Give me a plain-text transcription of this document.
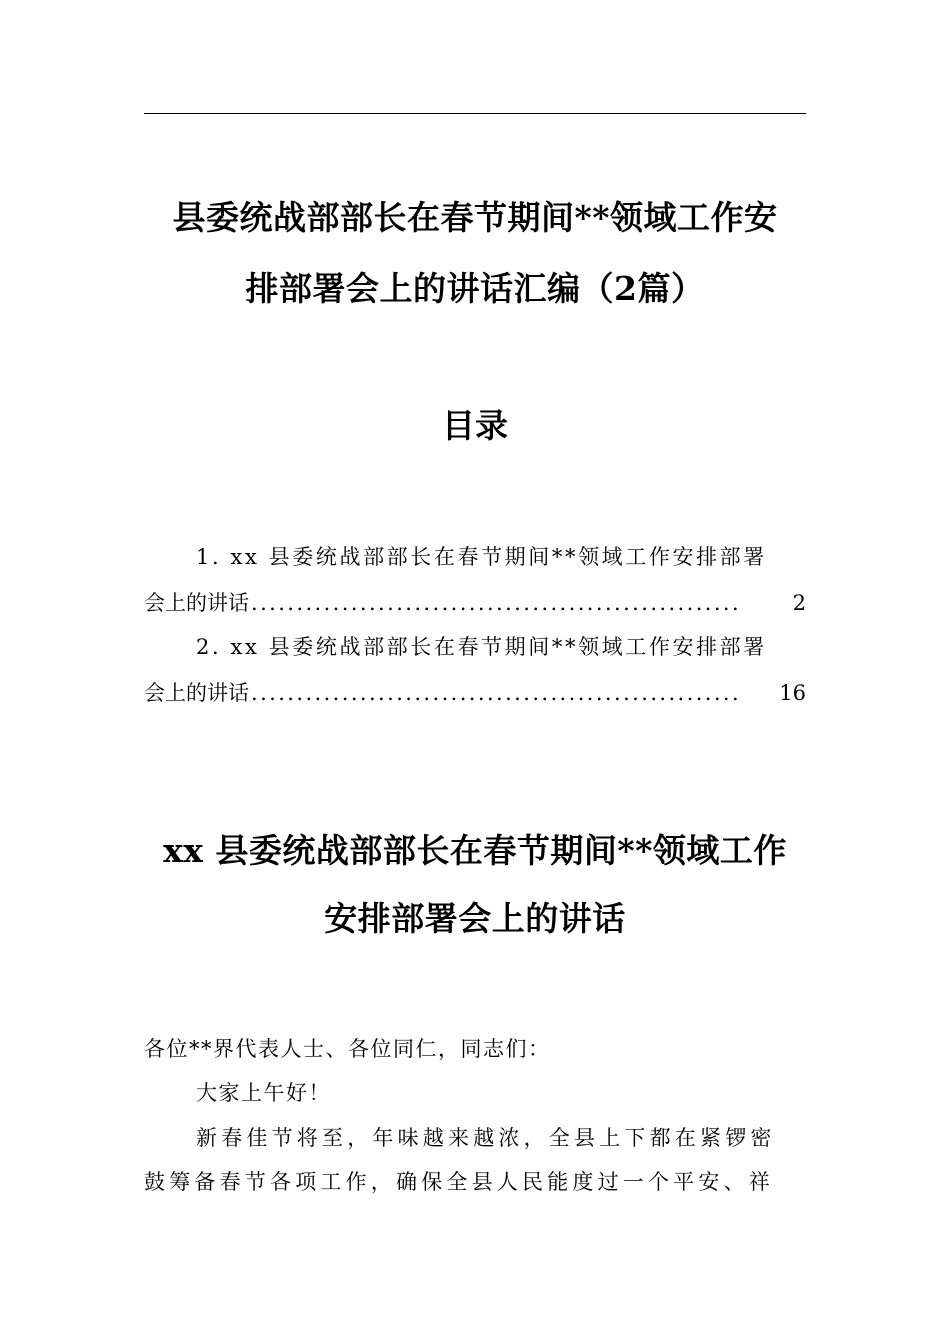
县委统战部部长在春节期间**领域工作安
排部署会上的讲话汇编（2篇）
目录
1. xx 县委统战部部长在春节期间**领域工作安排部署
会上的讲话 ......................................................	2
2. xx 县委统战部部长在春节期间**领域工作安排部署
会上的讲话 ......................................................	16
xx 县委统战部部长在春节期间**领域工作
安排部署会上的讲话
各位**界代表人士、各位同仁，同志们：
大家上午好！
新春佳节将至，年味越来越浓，全县上下都在紧锣密
鼓筹备春节各项工作，确保全县人民能度过一个平安、祥
